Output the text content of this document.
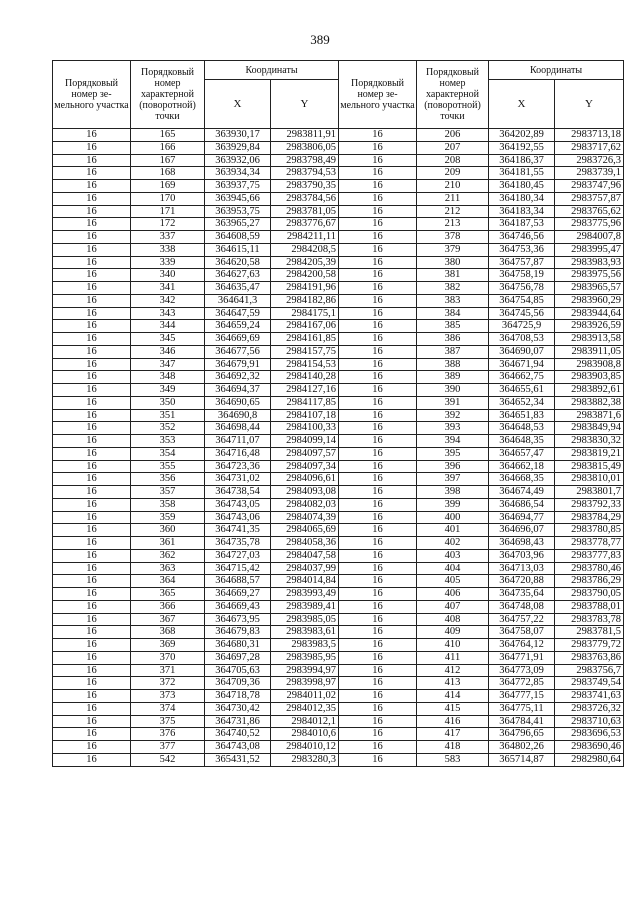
389
Порядковый номер зе-мельного участка	Порядковый номер характерной (поворотной) точки	Координаты		Порядковый номер зе-мельного участка	Порядковый номер характерной (поворотной) точки	Координаты	
		X	Y			X	Y
16	165	363930,17	2983811,91	16	206	364202,89	2983713,18
16	166	363929,84	2983806,05	16	207	364192,55	2983717,62
16	167	363932,06	2983798,49	16	208	364186,37	2983726,3
16	168	363934,34	2983794,53	16	209	364181,55	2983739,1
16	169	363937,75	2983790,35	16	210	364180,45	2983747,96
16	170	363945,66	2983784,56	16	211	364180,34	2983757,87
16	171	363953,75	2983781,05	16	212	364183,34	2983765,62
16	172	363965,27	2983776,67	16	213	364187,53	2983775,96
16	337	364608,59	2984211,11	16	378	364746,56	2984007,8
16	338	364615,11	2984208,5	16	379	364753,36	2983995,47
16	339	364620,58	2984205,39	16	380	364757,87	2983983,93
16	340	364627,63	2984200,58	16	381	364758,19	2983975,56
16	341	364635,47	2984191,96	16	382	364756,78	2983965,57
16	342	364641,3	2984182,86	16	383	364754,85	2983960,29
16	343	364647,59	2984175,1	16	384	364745,56	2983944,64
16	344	364659,24	2984167,06	16	385	364725,9	2983926,59
16	345	364669,69	2984161,85	16	386	364708,53	2983913,58
16	346	364677,56	2984157,75	16	387	364690,07	2983911,05
16	347	364679,91	2984154,53	16	388	364671,94	2983908,8
16	348	364692,32	2984140,28	16	389	364662,75	2983903,85
16	349	364694,37	2984127,16	16	390	364655,61	2983892,61
16	350	364690,65	2984117,85	16	391	364652,34	2983882,38
16	351	364690,8	2984107,18	16	392	364651,83	2983871,6
16	352	364698,44	2984100,33	16	393	364648,53	2983849,94
16	353	364711,07	2984099,14	16	394	364648,35	2983830,32
16	354	364716,48	2984097,57	16	395	364657,47	2983819,21
16	355	364723,36	2984097,34	16	396	364662,18	2983815,49
16	356	364731,02	2984096,61	16	397	364668,35	2983810,01
16	357	364738,54	2984093,08	16	398	364674,49	2983801,7
16	358	364743,05	2984082,03	16	399	364686,54	2983792,33
16	359	364743,06	2984074,39	16	400	364694,77	2983784,29
16	360	364741,35	2984065,69	16	401	364696,07	2983780,85
16	361	364735,78	2984058,36	16	402	364698,43	2983778,77
16	362	364727,03	2984047,58	16	403	364703,96	2983777,83
16	363	364715,42	2984037,99	16	404	364713,03	2983780,46
16	364	364688,57	2984014,84	16	405	364720,88	2983786,29
16	365	364669,27	2983993,49	16	406	364735,64	2983790,05
16	366	364669,43	2983989,41	16	407	364748,08	2983788,01
16	367	364673,95	2983985,05	16	408	364757,22	2983783,78
16	368	364679,83	2983983,61	16	409	364758,07	2983781,5
16	369	364680,31	2983983,5	16	410	364764,12	2983779,72
16	370	364697,28	2983985,95	16	411	364771,91	2983763,86
16	371	364705,63	2983994,97	16	412	364773,09	2983756,7
16	372	364709,36	2983998,97	16	413	364772,85	2983749,54
16	373	364718,78	2984011,02	16	414	364777,15	2983741,63
16	374	364730,42	2984012,35	16	415	364775,11	2983726,32
16	375	364731,86	2984012,1	16	416	364784,41	2983710,63
16	376	364740,52	2984010,6	16	417	364796,65	2983696,53
16	377	364743,08	2984010,12	16	418	364802,26	2983690,46
16	542	365431,52	2983280,3	16	583	365714,87	2982980,64
